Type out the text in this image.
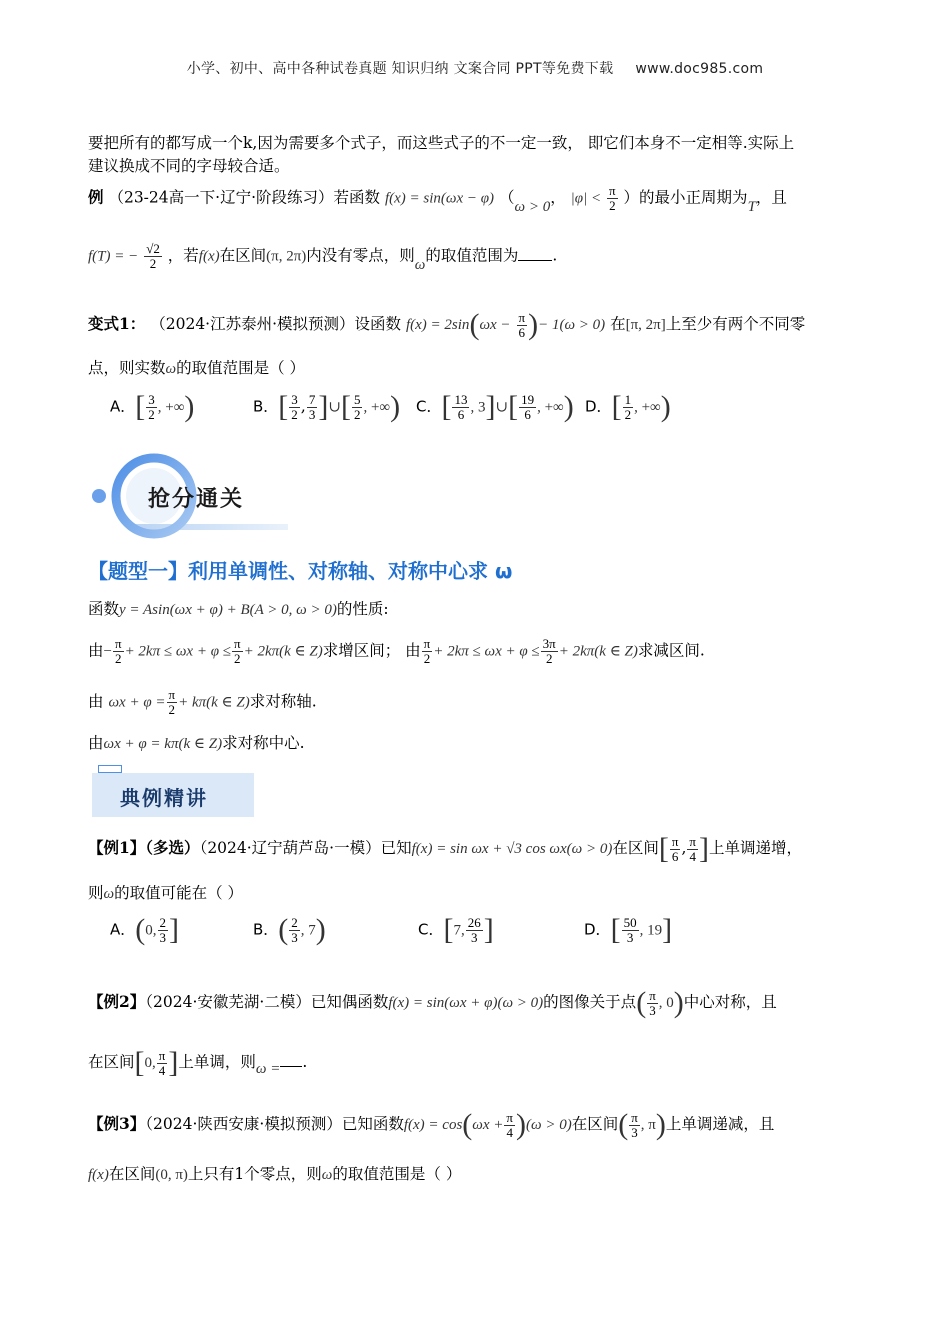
小学、初中、高中各种试卷真题 知识归纳 文案合同 PPT等免费下载 www.doc985.com
要把所有的都写成一个k,因为需要多个式子，而这些式子的不一定一致， 即它们本身不一定相等.实际上
建议换成不同的字母较合适。
例 （23-24高一下·辽宁·阶段练习）若函数 f(x) = sin(ωx − φ) （ω > 0， $|\varphi| < \frac{\pi}{2}$ ）的最小正周期为T，且
f(T) = − $\frac{√2}{2}$ ，若f(x)在区间(π, 2π)内没有零点，则ω的取值范围为 .
变式1： （2024·江苏泰州·模拟预测）设函数 $f(x) = 2\sin(\omega x - \frac{\pi}{6}$ )− 1(ω > 0) 在[π, 2π]上至少有两个不同零
点，则实数ω的取值范围是（ ）
A．[ $\frac{3}{2}$ , +∞)	B．[ $\frac{3}{2}$ , $\frac{7}{3}$ ]∪[ $\frac{5}{2}$ , +∞) C．[ $\frac{13}{6}$ , 3]∪[ $\frac{19}{6}$ , +∞) D．[ $\frac{1}{2}$ , +∞)
抢分通关
【题型一】利用单调性、对称轴、对称中心求 ω
函数y = Asin(ωx + φ) + B(A > 0, ω > 0)的性质:
由− $\frac{\pi}{2} + 2k\pi \le \omega x + \varphi \le \frac{\pi}{2} + 2k\pi(k$ ∈ Z)求增区间； 由 $\frac{\pi}{2} + 2k\pi \le \omega x + \varphi \le \frac{3\pi}{2} + 2k\pi(k$ ∈ Z)求减区间.
由 $\omega x + \varphi = \frac{\pi}{2} + k\pi(k$ ∈ Z)求对称轴.
由ωx + φ = kπ(k ∈ Z)求对称中心.
典例精讲
【例1】（多选）（2024·辽宁葫芦岛·一模）已知f(x) = sin ωx + √3 cos ωx(ω > 0)在区间[ $\frac{\pi}{6}$ , $\frac{\pi}{4}$ ]上单调递增，
则ω的取值可能在（ ）
A．(0, $\frac{2}{3}$ ]	B．( $\frac{2}{3}$ , 7)	C．[7, $\frac{26}{3}$ ]	D．[ $\frac{50}{3}$ , 19]
【例2】（2024·安徽芜湖·二模）已知偶函数f(x) = sin(ωx + φ)(ω > 0)的图像关于点( $\frac{\pi}{3}$ , 0)中心对称，且
在区间[0, $\frac{\pi}{4}$ ]上单调，则ω = .
【例3】（2024·陕西安康·模拟预测）已知函数$f(x) = \cos(\omega x + \frac{\pi}{4} )(\omega > 0)$在区间( $\frac{\pi}{3}$ , π)上单调递减，且
f(x)在区间(0, π)上只有1个零点，则ω的取值范围是（ ）
